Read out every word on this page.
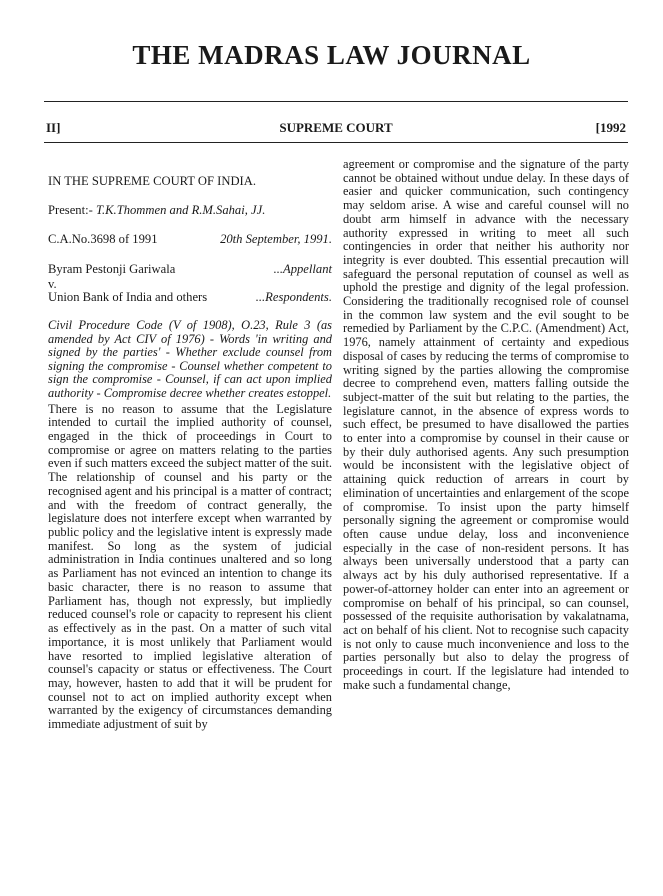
THE MADRAS LAW JOURNAL
II]	SUPREME COURT	[1992

IN THE SUPREME COURT OF INDIA.

Present:- T.K.Thommen and R.M.Sahai, JJ.

C.A.No.3698 of 1991	20th September, 1991.
Byram Pestonji Gariwala	...Appellant

v.

Union Bank of India and others	...Respondents.

Civil Procedure Code (V of 1908), O.23, Rule 3 (as amended by Act CIV of 1976) - Words 'in writing and signed by the parties' - Whether exclude counsel from signing the compromise - Counsel whether competent to sign the compromise - Counsel, if can act upon implied authority - Compromise decree whether creates estoppel.

There is no reason to assume that the Legislature intended to curtail the implied authority of counsel, engaged in the thick of proceedings in Court to compromise or agree on matters relating to the parties even if such matters exceed the subject matter of the suit. The relationship of counsel and his party or the recognised agent and his principal is a matter of contract; and with the freedom of contract generally, the legislature does not interfere except when warranted by public policy and the legislative intent is expressly made manifest. So long as the system of judicial administration in India continues unaltered and so long as Parliament has not evinced an intention to change its basic character, there is no reason to assume that Parliament has, though not expressly, but impliedly reduced counsel's role or capacity to represent his client as effectively as in the past. On a matter of such vital importance, it is most unlikely that Parliament would have resorted to implied legislative alteration of counsel's capacity or status or effectiveness. The Court may, however, hasten to add that it will be prudent for counsel not to act on implied authority except when warranted by the exigency of circumstances demanding immediate adjustment of suit by

agreement or compromise and the signature of the party cannot be obtained without undue delay. In these days of easier and quicker communication, such contingency may seldom arise. A wise and careful counsel will no doubt arm himself in advance with the necessary authority expressed in writing to meet all such contingencies in order that neither his authority nor integrity is ever doubted. This essential precaution will safeguard the personal reputation of counsel as well as uphold the prestige and dignity of the legal profession. Considering the traditionally recognised role of counsel in the common law system and the evil sought to be remedied by Parliament by the C.P.C. (Amendment) Act, 1976, namely attainment of certainty and expedious disposal of cases by reducing the terms of compromise to writing signed by the parties allowing the compromise decree to comprehend even, matters falling outside the subject-matter of the suit but relating to the parties, the legislature cannot, in the absence of express words to such effect, be presumed to have disallowed the parties to enter into a compromise by counsel in their cause or by their duly authorised agents. Any such presumption would be inconsistent with the legislative object of attaining quick reduction of arrears in court by elimination of uncertainties and enlargement of the scope of compromise. To insist upon the party himself personally signing the agreement or compromise would often cause undue delay, loss and inconvenience especially in the case of non-resident persons. It has always been universally understood that a party can always act by his duly authorised representative. If a power-of-attorney holder can enter into an agreement or compromise on behalf of his principal, so can counsel, possessed of the requisite authorisation by vakalatnama, act on behalf of his client. Not to recognise such capacity is not only to cause much inconvenience and loss to the parties personally but also to delay the progress of proceedings in court. If the legislature had intended to make such a fundamental change,
